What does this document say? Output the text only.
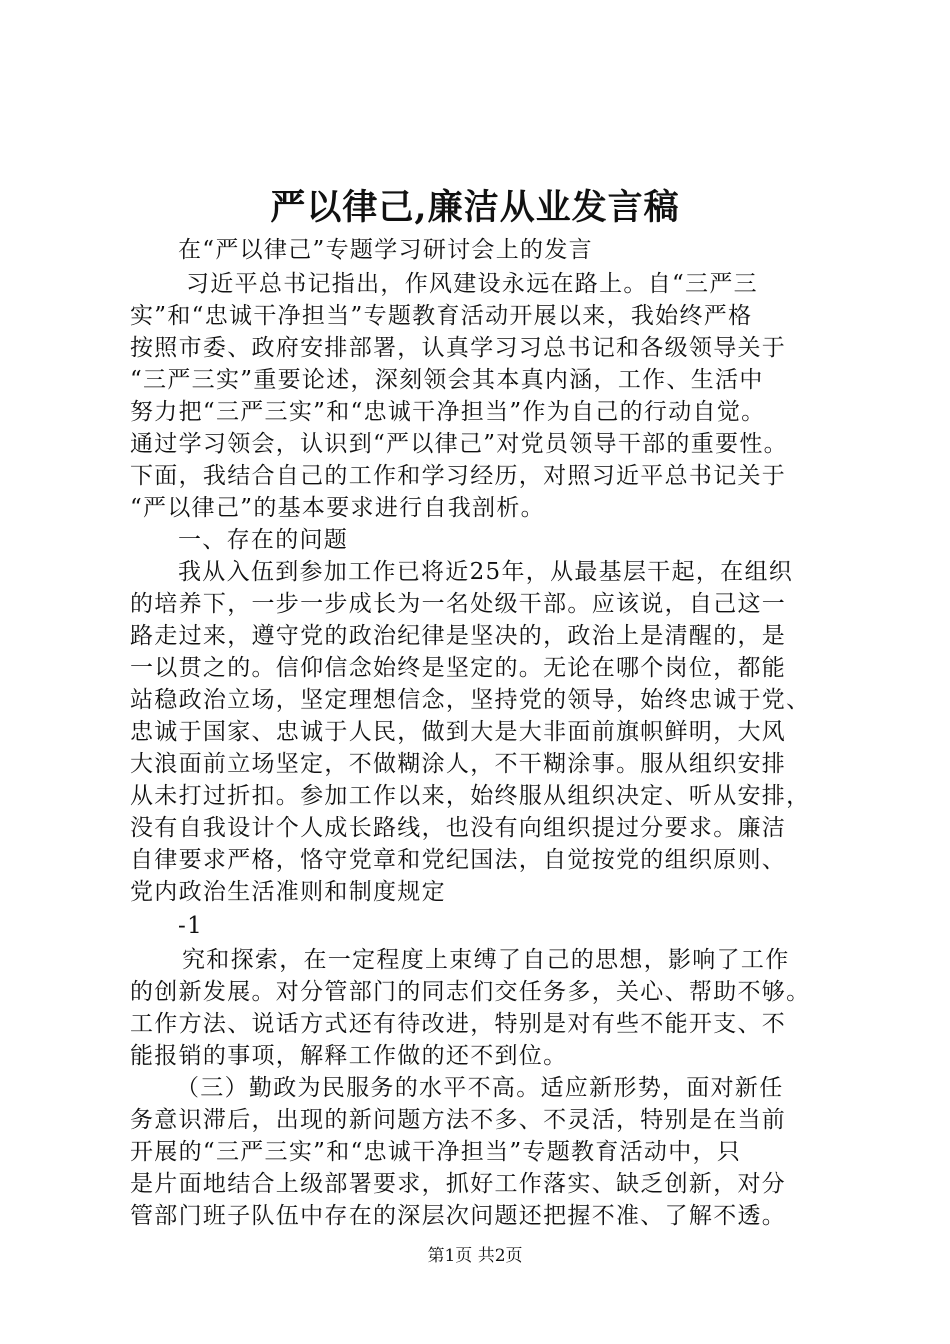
严以律己,廉洁从业发言稿
在“严以律己”专题学习研讨会上的发言
习近平总书记指出，作风建设永远在路上。自“三严三
实”和“忠诚干净担当”专题教育活动开展以来，我始终严格
按照市委、政府安排部署，认真学习习总书记和各级领导关于
“三严三实”重要论述，深刻领会其本真内涵，工作、生活中
努力把“三严三实”和“忠诚干净担当”作为自己的行动自觉。
通过学习领会，认识到“严以律己”对党员领导干部的重要性。
下面，我结合自己的工作和学习经历，对照习近平总书记关于
“严以律己”的基本要求进行自我剖析。
一、存在的问题
我从入伍到参加工作已将近25年，从最基层干起，在组织
的培养下，一步一步成长为一名处级干部。应该说，自己这一
路走过来，遵守党的政治纪律是坚决的，政治上是清醒的，是
一以贯之的。信仰信念始终是坚定的。无论在哪个岗位，都能
站稳政治立场，坚定理想信念，坚持党的领导，始终忠诚于党、
忠诚于国家、忠诚于人民，做到大是大非面前旗帜鲜明，大风
大浪面前立场坚定，不做糊涂人，不干糊涂事。服从组织安排
从未打过折扣。参加工作以来，始终服从组织决定、听从安排，
没有自我设计个人成长路线，也没有向组织提过分要求。廉洁
自律要求严格，恪守党章和党纪国法，自觉按党的组织原则、
党内政治生活准则和制度规定
-1
究和探索，在一定程度上束缚了自己的思想，影响了工作
的创新发展。对分管部门的同志们交任务多，关心、帮助不够。
工作方法、说话方式还有待改进，特别是对有些不能开支、不
能报销的事项，解释工作做的还不到位。
（三）勤政为民服务的水平不高。适应新形势，面对新任
务意识滞后，出现的新问题方法不多、不灵活，特别是在当前
开展的“三严三实”和“忠诚干净担当”专题教育活动中，只
是片面地结合上级部署要求，抓好工作落实、缺乏创新，对分
管部门班子队伍中存在的深层次问题还把握不准、了解不透。
第1页 共2页
